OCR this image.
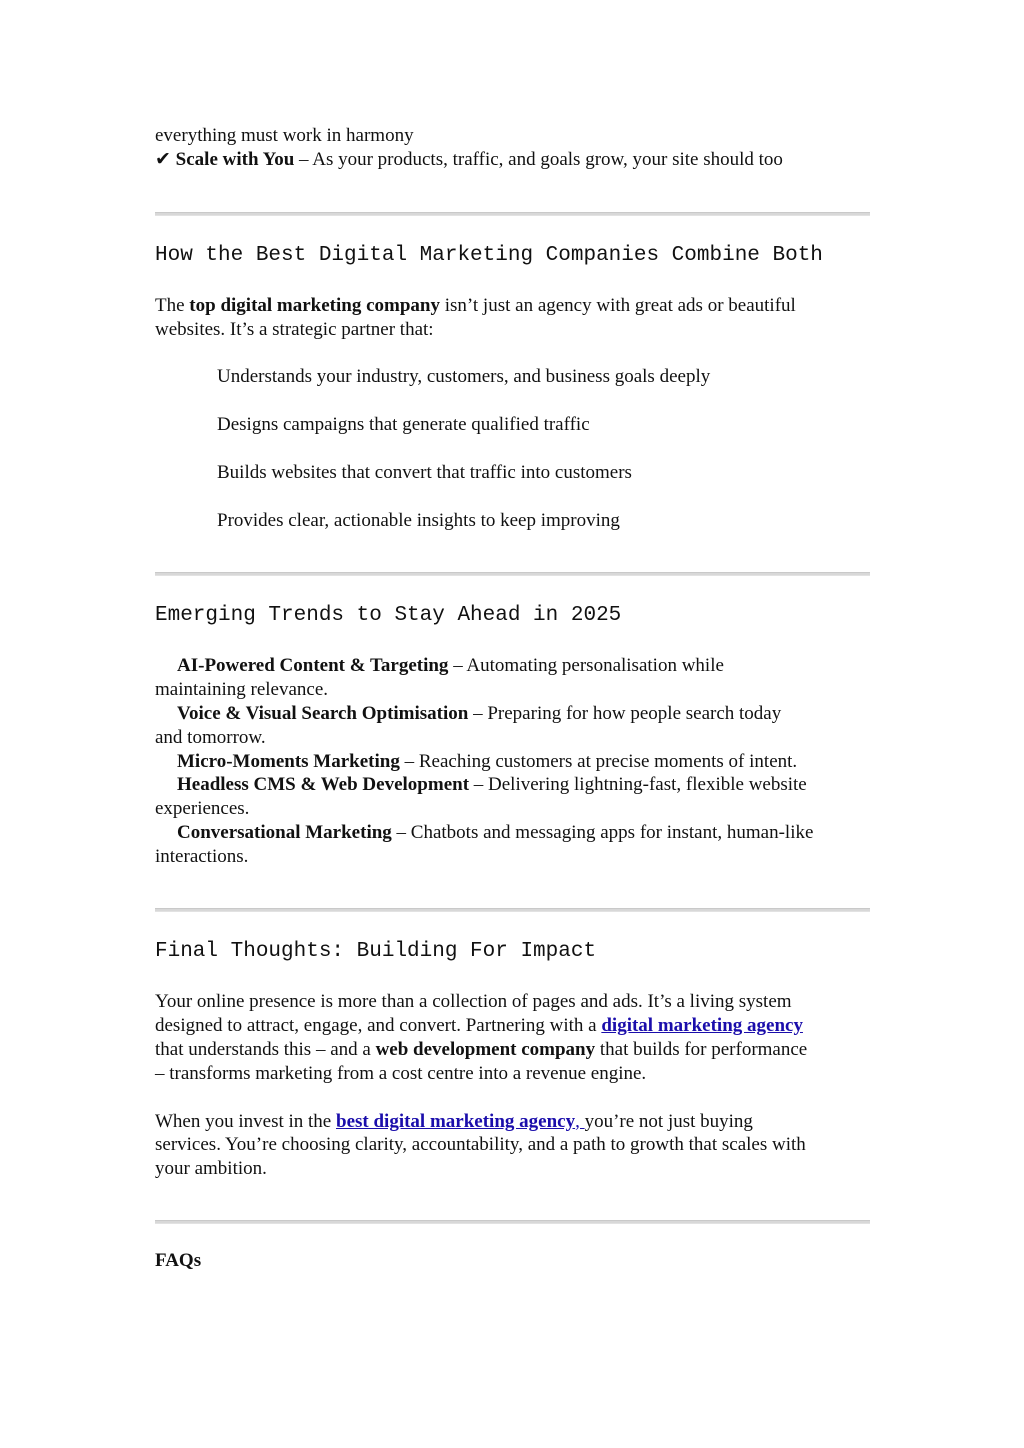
everything must work in harmony
✔ Scale with You – As your products, traffic, and goals grow, your site should too
How the Best Digital Marketing Companies Combine Both
The top digital marketing company isn’t just an agency with great ads or beautiful
websites. It’s a strategic partner that:
Understands your industry, customers, and business goals deeply
Designs campaigns that generate qualified traffic
Builds websites that convert that traffic into customers
Provides clear, actionable insights to keep improving
Emerging Trends to Stay Ahead in 2025
AI-Powered Content & Targeting – Automating personalisation while
maintaining relevance.
Voice & Visual Search Optimisation – Preparing for how people search today
and tomorrow.
Micro-Moments Marketing – Reaching customers at precise moments of intent.
Headless CMS & Web Development – Delivering lightning-fast, flexible website
experiences.
Conversational Marketing – Chatbots and messaging apps for instant, human-like
interactions.
Final Thoughts: Building For Impact
Your online presence is more than a collection of pages and ads. It’s a living system
designed to attract, engage, and convert. Partnering with a digital marketing agency
that understands this – and a web development company that builds for performance
– transforms marketing from a cost centre into a revenue engine.
When you invest in the best digital marketing agency, you’re not just buying
services. You’re choosing clarity, accountability, and a path to growth that scales with
your ambition.
FAQs
